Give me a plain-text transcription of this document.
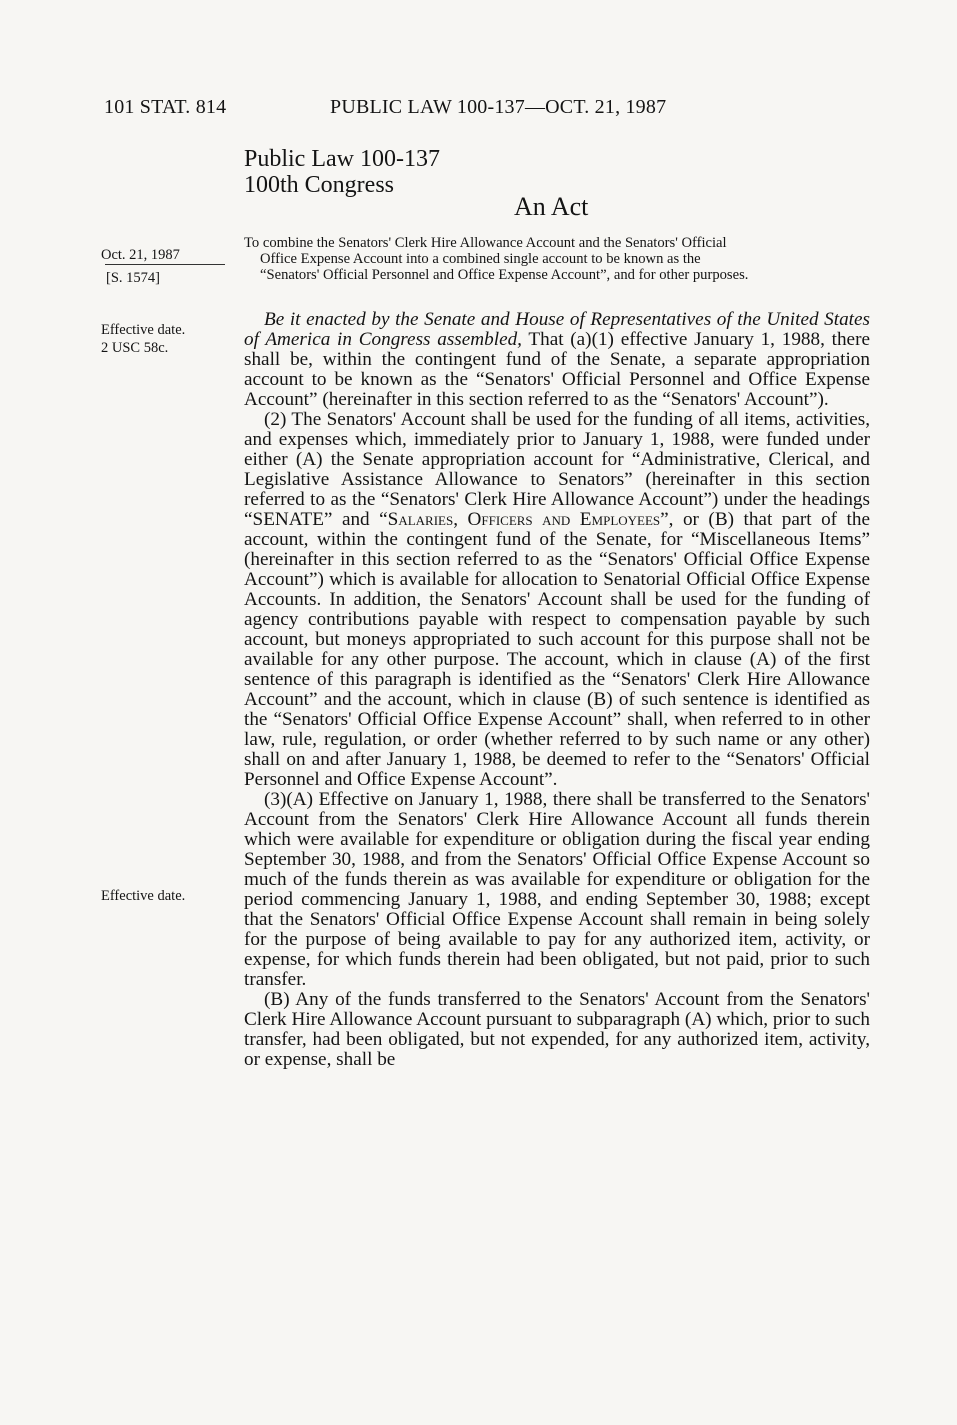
101 STAT. 814	PUBLIC LAW 100-137—OCT. 21, 1987
Public Law 100-137
100th Congress
An Act
Oct. 21, 1987
[S. 1574]
Effective date.
2 USC 58c.
Effective date.
To combine the Senators' Clerk Hire Allowance Account and the Senators' Official
Office Expense Account into a combined single account to be known as the
“Senators' Official Personnel and Office Expense Account”, and for other purposes.

Be it enacted by the Senate and House of Representatives of the United States of America in Congress assembled, That (a)(1) effective January 1, 1988, there shall be, within the contingent fund of the Senate, a separate appropriation account to be known as the “Senators' Official Personnel and Office Expense Account” (hereinafter in this section referred to as the “Senators' Account”).

(2) The Senators' Account shall be used for the funding of all items, activities, and expenses which, immediately prior to January 1, 1988, were funded under either (A) the Senate appropriation account for “Administrative, Clerical, and Legislative Assistance Allowance to Senators” (hereinafter in this section referred to as the “Senators' Clerk Hire Allowance Account”) under the headings “SENATE” and “Salaries, Officers and Employees”, or (B) that part of the account, within the contingent fund of the Senate, for “Miscellaneous Items” (hereinafter in this section referred to as the “Senators' Official Office Expense Account”) which is available for allocation to Senatorial Official Office Expense Accounts. In addition, the Senators' Account shall be used for the funding of agency contributions payable with respect to compensation payable by such account, but moneys appropriated to such account for this purpose shall not be available for any other purpose. The account, which in clause (A) of the first sentence of this paragraph is identified as the “Senators' Clerk Hire Allowance Account” and the account, which in clause (B) of such sentence is identified as the “Senators' Official Office Expense Account” shall, when referred to in other law, rule, regulation, or order (whether referred to by such name or any other) shall on and after January 1, 1988, be deemed to refer to the “Senators' Official Personnel and Office Expense Account”.

(3)(A) Effective on January 1, 1988, there shall be transferred to the Senators' Account from the Senators' Clerk Hire Allowance Account all funds therein which were available for expenditure or obligation during the fiscal year ending September 30, 1988, and from the Senators' Official Office Expense Account so much of the funds therein as was available for expenditure or obligation for the period commencing January 1, 1988, and ending September 30, 1988; except that the Senators' Official Office Expense Account shall remain in being solely for the purpose of being available to pay for any authorized item, activity, or expense, for which funds therein had been obligated, but not paid, prior to such transfer.

(B) Any of the funds transferred to the Senators' Account from the Senators' Clerk Hire Allowance Account pursuant to subparagraph (A) which, prior to such transfer, had been obligated, but not expended, for any authorized item, activity, or expense, shall be
